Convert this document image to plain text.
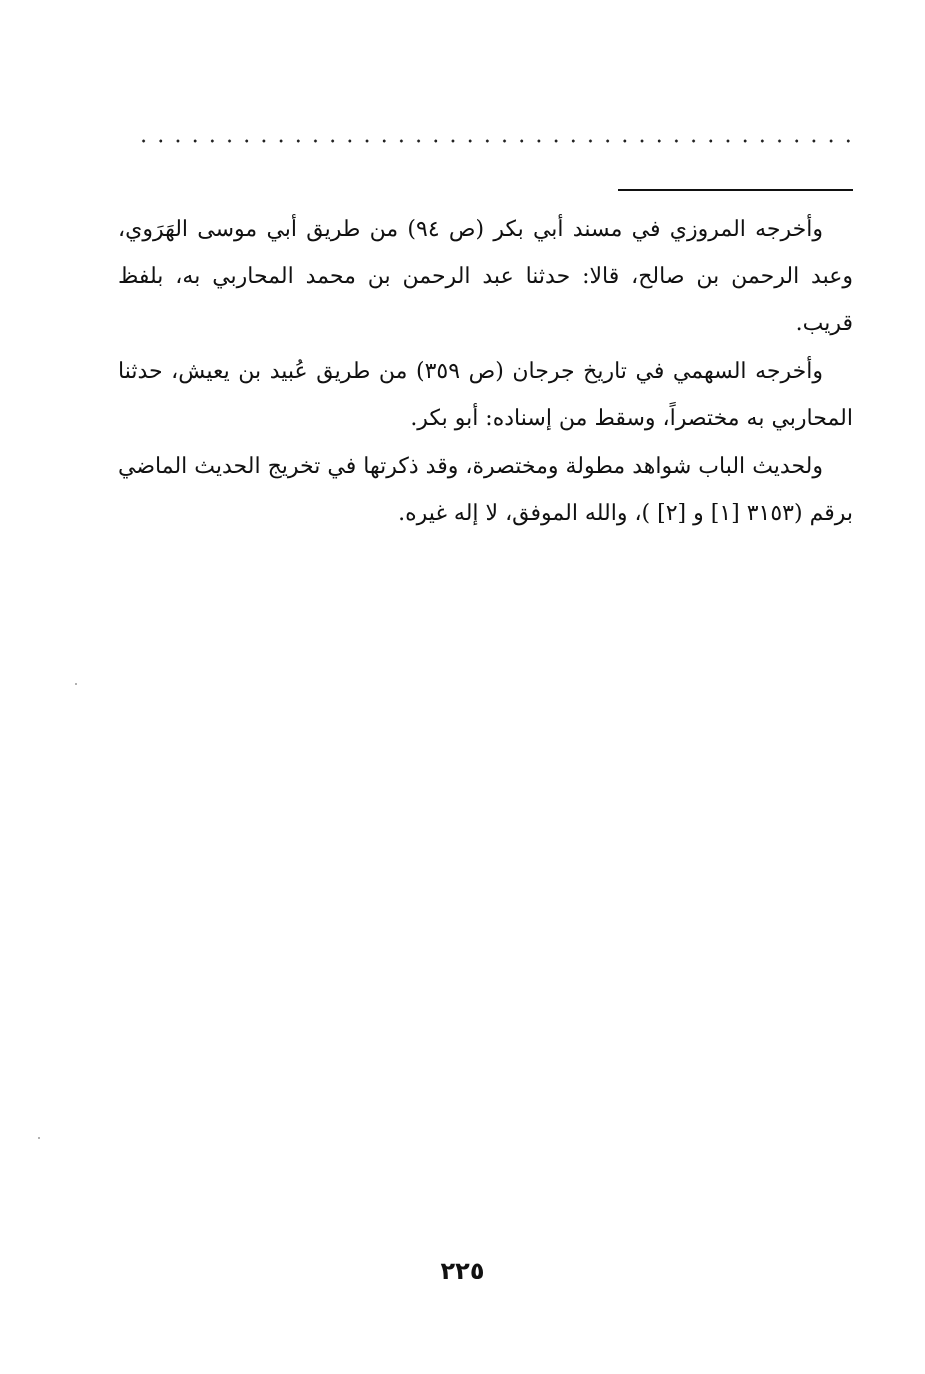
وأخرجه المروزي في مسند أبي بكر (ص ٩٤) من طريق أبي موسى الهَرَوي، وعبد الرحمن بن صالح، قالا: حدثنا عبد الرحمن بن محمد المحاربي به، بلفظ قريب.

وأخرجه السهمي في تاريخ جرجان (ص ٣٥٩) من طريق عُبيد بن يعيش، حدثنا المحاربي به مختصراً، وسقط من إسناده: أبو بكر.

ولحديث الباب شواهد مطولة ومختصرة، وقد ذكرتها في تخريج الحديث الماضي برقم (٣١٥٣ [١] و [٢] )، والله الموفق، لا إله غيره.

٢٢٥
